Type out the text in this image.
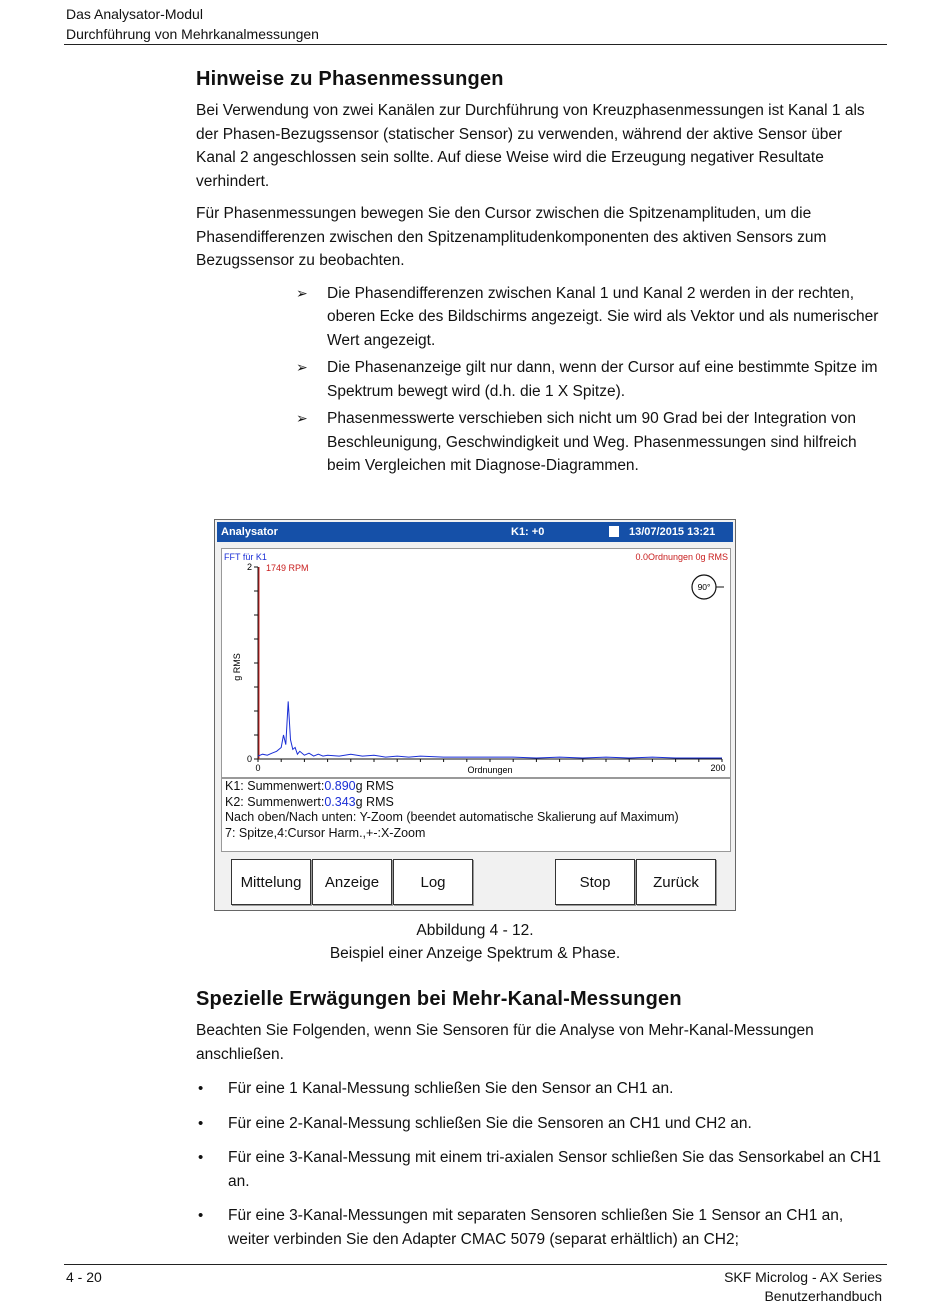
Das Analysator-Modul
Durchführung von Mehrkanalmessungen
Hinweise zu Phasenmessungen

Bei Verwendung von zwei Kanälen zur Durchführung von Kreuzphasenmessungen ist Kanal 1 als der Phasen-Bezugssensor (statischer Sensor) zu verwenden, während der aktive Sensor über Kanal 2 angeschlossen sein sollte. Auf diese Weise wird die Erzeugung negativer Resultate verhindert.

Für Phasenmessungen bewegen Sie den Cursor zwischen die Spitzenamplituden, um die Phasendifferenzen zwischen den Spitzenamplitudenkomponenten des aktiven Sensors zum Bezugssensor zu beobachten.

➢ Die Phasendifferenzen zwischen Kanal 1 und Kanal 2 werden in der rechten, oberen Ecke des Bildschirms angezeigt. Sie wird als Vektor und als numerischer Wert angezeigt.
➢ Die Phasenanzeige gilt nur dann, wenn der Cursor auf eine bestimmte Spitze im Spektrum bewegt wird (d.h. die 1 X Spitze).
➢ Phasenmesswerte verschieben sich nicht um 90 Grad bei der Integration von Beschleunigung, Geschwindigkeit und Weg. Phasenmessungen sind hilfreich beim Vergleichen mit Diagnose-Diagrammen.
Analysator	K1: +0	13/07/2015 13:21
FFT für K1
1749 RPM
0.0Ordnungen 0g RMS
90°
g RMS
Ordnungen
0
2
0	200
K1: Summenwert:0.890g RMS
K2: Summenwert:0.343g RMS
Nach oben/Nach unten: Y-Zoom (beendet automatische Skalierung auf Maximum)
7: Spitze,4:Cursor Harm.,+-:X-Zoom
Mittelung	Anzeige	Log	Stop	Zurück
Abbildung 4 - 12.
Beispiel einer Anzeige Spektrum & Phase.
Spezielle Erwägungen bei Mehr-Kanal-Messungen

Beachten Sie Folgenden, wenn Sie Sensoren für die Analyse von Mehr-Kanal-Messungen anschließen.

• Für eine 1 Kanal-Messung schließen Sie den Sensor an CH1 an.
• Für eine 2-Kanal-Messung schließen Sie die Sensoren an CH1 und CH2 an.
• Für eine 3-Kanal-Messung mit einem tri-axialen Sensor schließen Sie das Sensorkabel an CH1 an.
• Für eine 3-Kanal-Messungen mit separaten Sensoren schließen Sie 1 Sensor an CH1 an, weiter verbinden Sie den Adapter CMAC 5079 (separat erhältlich) an CH2;
4 - 20	SKF Microlog - AX Series
Benutzerhandbuch
